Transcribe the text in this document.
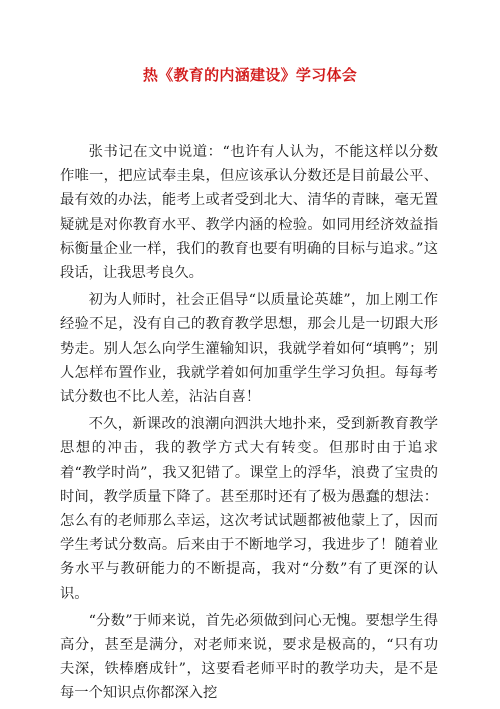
热《教育的内涵建设》学习体会

张书记在文中说道：“也许有人认为，不能这样以分数作唯一，把应试奉圭臬，但应该承认分数还是目前最公平、最有效的办法，能考上或者受到北大、清华的青睐，毫无置疑就是对你教育水平、教学内涵的检验。如同用经济效益指标衡量企业一样，我们的教育也要有明确的目标与追求。”这段话，让我思考良久。

初为人师时，社会正倡导“以质量论英雄”，加上刚工作经验不足，没有自己的教育教学思想，那会儿是一切跟大形势走。别人怎么向学生灌输知识，我就学着如何“填鸭”；别人怎样布置作业，我就学着如何加重学生学习负担。每每考试分数也不比人差，沾沾自喜！

不久，新课改的浪潮向泗洪大地扑来，受到新教育教学思想的冲击，我的教学方式大有转变。但那时由于追求着“教学时尚”，我又犯错了。课堂上的浮华，浪费了宝贵的时间，教学质量下降了。甚至那时还有了极为愚蠢的想法：怎么有的老师那么幸运，这次考试试题都被他蒙上了，因而学生考试分数高。后来由于不断地学习，我进步了！随着业务水平与教研能力的不断提高，我对“分数”有了更深的认识。

“分数”于师来说，首先必须做到问心无愧。要想学生得高分，甚至是满分，对老师来说，要求是极高的，“只有功夫深，铁棒磨成针”，这要看老师平时的教学功夫，是不是每一个知识点你都深入挖
